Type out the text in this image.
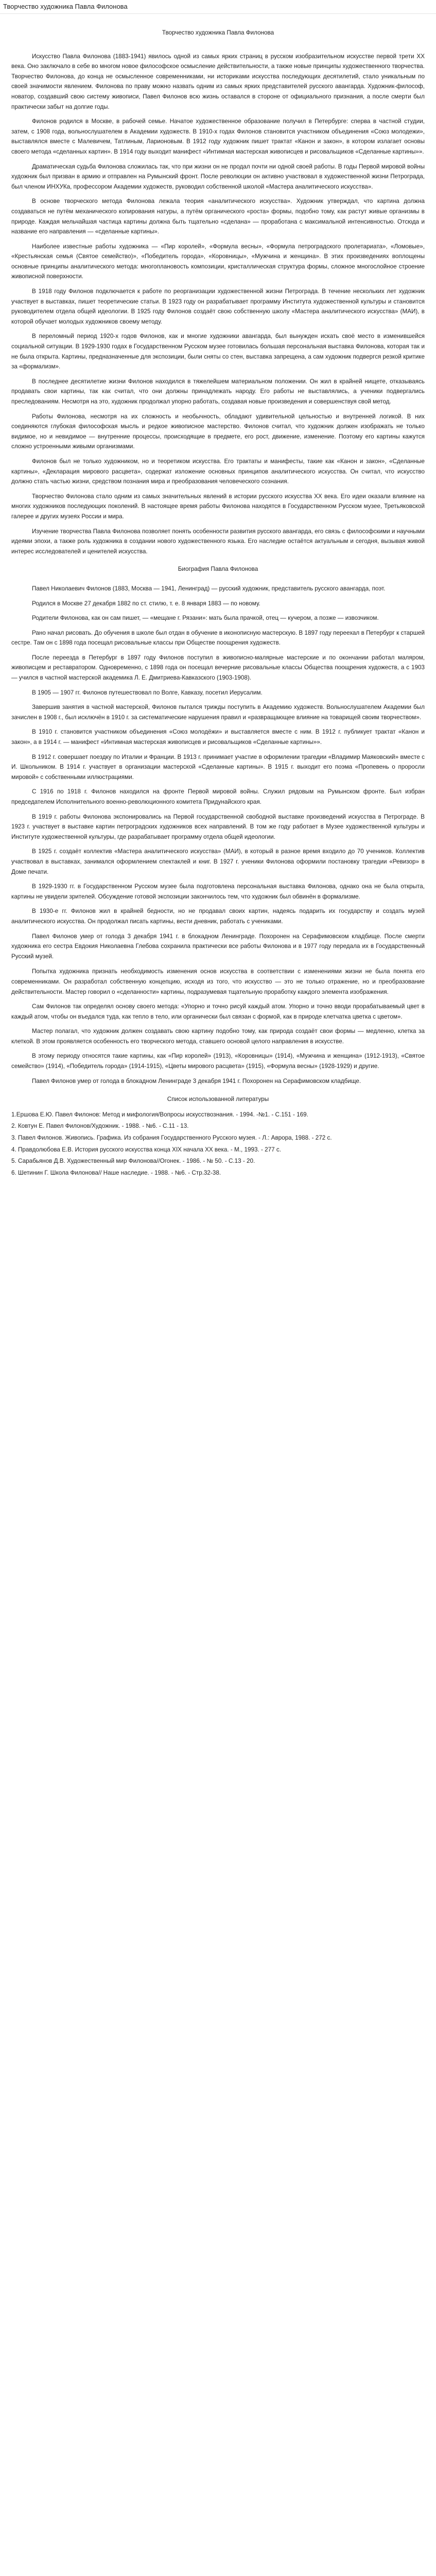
Творчество художника Павла Филонова
Творчество художника Павла Филонова

Искусство Павла Филонова (1883-1941) явилось одной из самых ярких страниц в русском изобразительном искусстве первой трети XX века. Оно заключало в себе во многом новое философское осмысление действительности, а также новые принципы художественного творчества. Творчество Филонова, до конца не осмысленное современниками, ни историками искусства последующих десятилетий, стало уникальным по своей значимости явлением. Филонова по праву можно назвать одним из самых ярких представителей русского авангарда. Художник-философ, новатор, создавший свою систему живописи, Павел Филонов всю жизнь оставался в стороне от официального признания, а после смерти был практически забыт на долгие годы.

Филонов родился в Москве, в рабочей семье. Начатое художественное образование получил в Петербурге: сперва в частной студии, затем, с 1908 года, вольнослушателем в Академии художеств. В 1910-х годах Филонов становится участником объединения «Союз молодежи», выставлялся вместе с Малевичем, Татлиным, Ларионовым. В 1912 году художник пишет трактат «Канон и закон», в котором излагает основы своего метода «сделанных картин». В 1914 году выходит манифест «Интимная мастерская живописцев и рисовальщиков «Сделанные картины»».

Драматическая судьба Филонова сложилась так, что при жизни он не продал почти ни одной своей работы. В годы Первой мировой войны художник был призван в армию и отправлен на Румынский фронт. После революции он активно участвовал в художественной жизни Петрограда, был членом ИНХУКа, профессором Академии художеств, руководил собственной школой «Мастера аналитического искусства».

В основе творческого метода Филонова лежала теория «аналитического искусства». Художник утверждал, что картина должна создаваться не путём механического копирования натуры, а путём органического «роста» формы, подобно тому, как растут живые организмы в природе. Каждая мельчайшая частица картины должна быть тщательно «сделана» — проработана с максимальной интенсивностью. Отсюда и название его направления — «сделанные картины».

Наиболее известные работы художника — «Пир королей», «Формула весны», «Формула петроградского пролетариата», «Ломовые», «Крестьянская семья (Святое семейство)», «Победитель города», «Коровницы», «Мужчина и женщина». В этих произведениях воплощены основные принципы аналитического метода: многоплановость композиции, кристаллическая структура формы, сложное многослойное строение живописной поверхности.

В 1918 году Филонов подключается к работе по реорганизации художественной жизни Петрограда. В течение нескольких лет художник участвует в выставках, пишет теоретические статьи. В 1923 году он разрабатывает программу Института художественной культуры и становится руководителем отдела общей идеологии. В 1925 году Филонов создаёт свою собственную школу «Мастера аналитического искусства» (МАИ), в которой обучает молодых художников своему методу.

В переломный период 1920-х годов Филонов, как и многие художники авангарда, был вынужден искать своё место в изменившейся социальной ситуации. В 1929-1930 годах в Государственном Русском музее готовилась большая персональная выставка Филонова, которая так и не была открыта. Картины, предназначенные для экспозиции, были сняты со стен, выставка запрещена, а сам художник подвергся резкой критике за «формализм».

В последнее десятилетие жизни Филонов находился в тяжелейшем материальном положении. Он жил в крайней нищете, отказываясь продавать свои картины, так как считал, что они должны принадлежать народу. Его работы не выставлялись, а ученики подвергались преследованиям. Несмотря на это, художник продолжал упорно работать, создавая новые произведения и совершенствуя свой метод.

Работы Филонова, несмотря на их сложность и необычность, обладают удивительной цельностью и внутренней логикой. В них соединяются глубокая философская мысль и редкое живописное мастерство. Филонов считал, что художник должен изображать не только видимое, но и невидимое — внутренние процессы, происходящие в предмете, его рост, движение, изменение. Поэтому его картины кажутся сложно устроенными живыми организмами.

Филонов был не только художником, но и теоретиком искусства. Его трактаты и манифесты, такие как «Канон и закон», «Сделанные картины», «Декларация мирового расцвета», содержат изложение основных принципов аналитического искусства. Он считал, что искусство должно стать частью жизни, средством познания мира и преобразования человеческого сознания.

Творчество Филонова стало одним из самых значительных явлений в истории русского искусства XX века. Его идеи оказали влияние на многих художников последующих поколений. В настоящее время работы Филонова находятся в Государственном Русском музее, Третьяковской галерее и других музеях России и мира.

Изучение творчества Павла Филонова позволяет понять особенности развития русского авангарда, его связь с философскими и научными идеями эпохи, а также роль художника в создании нового художественного языка. Его наследие остаётся актуальным и сегодня, вызывая живой интерес исследователей и ценителей искусства.

Биография Павла Филонова

Павел Николаевич Филонов (1883, Москва — 1941, Ленинград) — русский художник, представитель русского авангарда, поэт.

Родился в Москве 27 декабря 1882 по ст. стилю, т. е. 8 января 1883 — по новому.

Родители Филонова, как он сам пишет, — «мещане г. Рязани»: мать была прачкой, отец — кучером, а позже — извозчиком.

Рано начал рисовать. До обучения в школе был отдан в обучение в иконописную мастерскую. В 1897 году переехал в Петербург к старшей сестре. Там он с 1898 года посещал рисовальные классы при Обществе поощрения художеств.

После переезда в Петербург в 1897 году Филонов поступил в живописно-малярные мастерские и по окончании работал маляром, живописцем и реставратором. Одновременно, с 1898 года он посещал вечерние рисовальные классы Общества поощрения художеств, а с 1903 — учился в частной мастерской академика Л. Е. Дмитриева-Кавказского (1903-1908).

В 1905 — 1907 гг. Филонов путешествовал по Волге, Кавказу, посетил Иерусалим.

Завершив занятия в частной мастерской, Филонов пытался трижды поступить в Академию художеств. Вольнослушателем Академии был зачислен в 1908 г., был исключён в 1910 г. за систематические нарушения правил и «развращающее влияние на товарищей своим творчеством».

В 1910 г. становится участником объединения «Союз молодёжи» и выставляется вместе с ним. В 1912 г. публикует трактат «Канон и закон», а в 1914 г. — манифест «Интимная мастерская живописцев и рисовальщиков «Сделанные картины»».

В 1912 г. совершает поездку по Италии и Франции. В 1913 г. принимает участие в оформлении трагедии «Владимир Маяковский» вместе с И. Школьником. В 1914 г. участвует в организации мастерской «Сделанные картины». В 1915 г. выходит его поэма «Пропевень о проросли мировой» с собственными иллюстрациями.

С 1916 по 1918 г. Филонов находился на фронте Первой мировой войны. Служил рядовым на Румынском фронте. Был избран председателем Исполнительного военно-революционного комитета Придунайского края.

В 1919 г. работы Филонова экспонировались на Первой государственной свободной выставке произведений искусства в Петрограде. В 1923 г. участвует в выставке картин петроградских художников всех направлений. В том же году работает в Музее художественной культуры и Институте художественной культуры, где разрабатывает программу отдела общей идеологии.

В 1925 г. создаёт коллектив «Мастера аналитического искусства» (МАИ), в который в разное время входило до 70 учеников. Коллектив участвовал в выставках, занимался оформлением спектаклей и книг. В 1927 г. ученики Филонова оформили постановку трагедии «Ревизор» в Доме печати.

В 1929-1930 гг. в Государственном Русском музее была подготовлена персональная выставка Филонова, однако она не была открыта, картины не увидели зрителей. Обсуждение готовой экспозиции закончилось тем, что художник был обвинён в формализме.

В 1930-е гг. Филонов жил в крайней бедности, но не продавал своих картин, надеясь подарить их государству и создать музей аналитического искусства. Он продолжал писать картины, вести дневник, работать с учениками.

Павел Филонов умер от голода 3 декабря 1941 г. в блокадном Ленинграде. Похоронен на Серафимовском кладбище. После смерти художника его сестра Евдокия Николаевна Глебова сохранила практически все работы Филонова и в 1977 году передала их в Государственный Русский музей.

Попытка художника признать необходимость изменения основ искусства в соответствии с изменениями жизни не была понята его современниками. Он разработал собственную концепцию, исходя из того, что искусство — это не только отражение, но и преобразование действительности. Мастер говорил о «сделанности» картины, подразумевая тщательную проработку каждого элемента изображения.

Сам Филонов так определял основу своего метода: «Упорно и точно рисуй каждый атом. Упорно и точно вводи прорабатываемый цвет в каждый атом, чтобы он въедался туда, как тепло в тело, или органически был связан с формой, как в природе клетчатка цветка с цветом».

Мастер полагал, что художник должен создавать свою картину подобно тому, как природа создаёт свои формы — медленно, клетка за клеткой. В этом проявляется особенность его творческого метода, ставшего основой целого направления в искусстве.

В этому периоду относятся такие картины, как «Пир королей» (1913), «Коровницы» (1914), «Мужчина и женщина» (1912-1913), «Святое семейство» (1914), «Победитель города» (1914-1915), «Цветы мирового расцвета» (1915), «Формула весны» (1928-1929) и другие.

Павел Филонов умер от голода в блокадном Ленинграде 3 декабря 1941 г. Похоронен на Серафимовском кладбище.

Список использованной литературы

1.Ершова Е.Ю. Павел Филонов: Метод и мифология/Вопросы искусствознания. - 1994. -№1. - С.151 - 169.

2. Ковтун Е. Павел Филонов/Художник. - 1988. - №6. - С.11 - 13.

3. Павел Филонов. Живопись. Графика. Из собрания Государственного Русского музея. - Л.: Аврора, 1988. - 272 с.

4. Правдолюбова Е.В. История русского искусства конца XIX начала XX века. - М., 1993. - 277 с.

5. Сарабьянов Д.В. Художественный мир Филонова//Огонек. - 1986. - № 50. - С.13 - 20.

6. Шетинин Г. Школа Филонова// Наше наследие. - 1988. - №6. - Стр.32-38.
